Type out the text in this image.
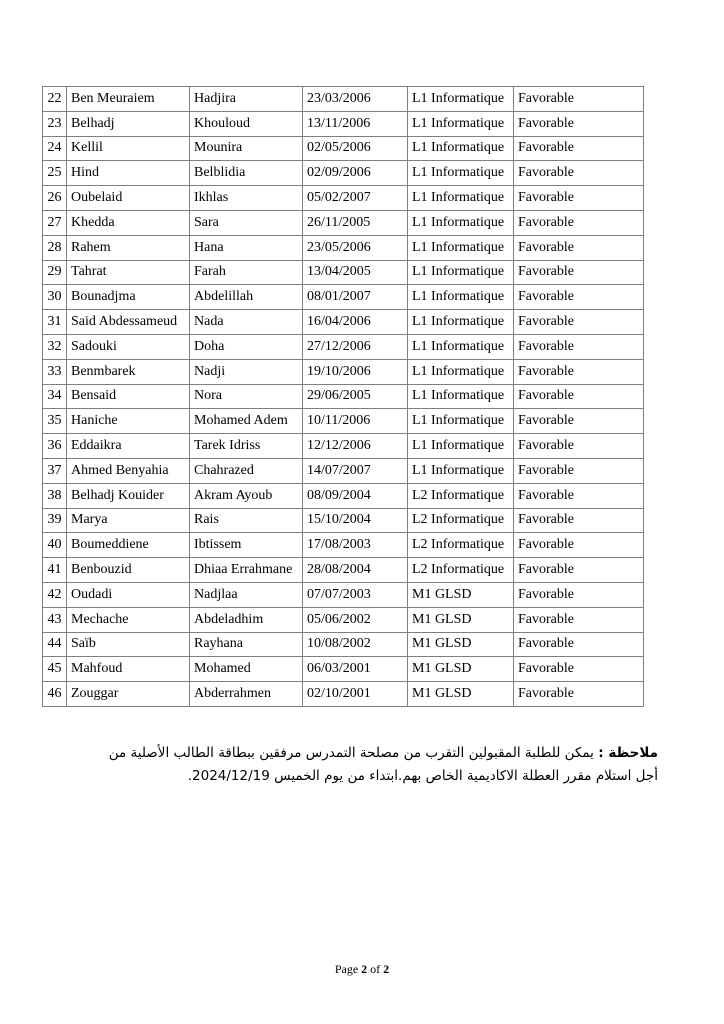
22	Ben Meuraiem	Hadjira	23/03/2006	L1 Informatique	Favorable
23	Belhadj	Khouloud	13/11/2006	L1 Informatique	Favorable
24	Kellil	Mounira	02/05/2006	L1 Informatique	Favorable
25	Hind	Belblidia	02/09/2006	L1 Informatique	Favorable
26	Oubelaid	Ikhlas	05/02/2007	L1 Informatique	Favorable
27	Khedda	Sara	26/11/2005	L1 Informatique	Favorable
28	Rahem	Hana	23/05/2006	L1 Informatique	Favorable
29	Tahrat	Farah	13/04/2005	L1 Informatique	Favorable
30	Bounadjma	Abdelillah	08/01/2007	L1 Informatique	Favorable
31	Said Abdessameud	Nada	16/04/2006	L1 Informatique	Favorable
32	Sadouki	Doha	27/12/2006	L1 Informatique	Favorable
33	Benmbarek	Nadji	19/10/2006	L1 Informatique	Favorable
34	Bensaid	Nora	29/06/2005	L1 Informatique	Favorable
35	Haniche	Mohamed Adem	10/11/2006	L1 Informatique	Favorable
36	Eddaikra	Tarek Idriss	12/12/2006	L1 Informatique	Favorable
37	Ahmed Benyahia	Chahrazed	14/07/2007	L1 Informatique	Favorable
38	Belhadj Kouider	Akram Ayoub	08/09/2004	L2 Informatique	Favorable
39	Marya	Rais	15/10/2004	L2 Informatique	Favorable
40	Boumeddiene	Ibtissem	17/08/2003	L2 Informatique	Favorable
41	Benbouzid	Dhiaa Errahmane	28/08/2004	L2 Informatique	Favorable
42	Oudadi	Nadjlaa	07/07/2003	M1 GLSD	Favorable
43	Mechache	Abdeladhim	05/06/2002	M1 GLSD	Favorable
44	Saïb	Rayhana	10/08/2002	M1 GLSD	Favorable
45	Mahfoud	Mohamed	06/03/2001	M1 GLSD	Favorable
46	Zouggar	Abderrahmen	02/10/2001	M1 GLSD	Favorable
ملاحظة : يمكن للطلبة المقبولين التقرب من مصلحة التمدرس مرفقين ببطاقة الطالب الأصلية من أجل استلام مقرر العطلة الاكاديمية الخاص بهم.ابتداء من يوم الخميس 2024/12/19.
Page 2 of 2
